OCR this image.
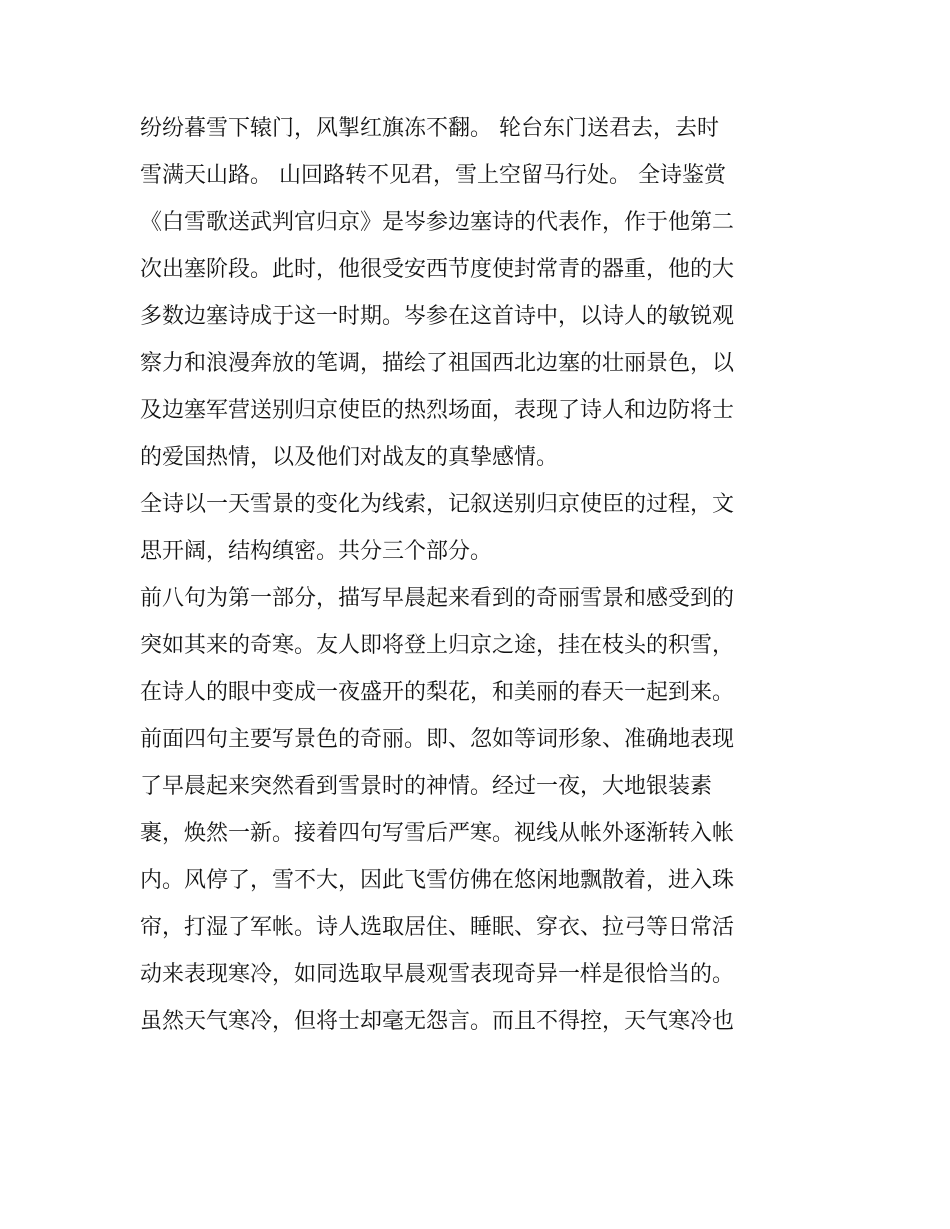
纷纷暮雪下辕门，风掣红旗冻不翻。 轮台东门送君去，去时
雪满天山路。 山回路转不见君，雪上空留马行处。 全诗鉴赏
《白雪歌送武判官归京》是岑参边塞诗的代表作，作于他第二
次出塞阶段。此时，他很受安西节度使封常青的器重，他的大
多数边塞诗成于这一时期。岑参在这首诗中，以诗人的敏锐观
察力和浪漫奔放的笔调，描绘了祖国西北边塞的壮丽景色，以
及边塞军营送别归京使臣的热烈场面，表现了诗人和边防将士
的爱国热情，以及他们对战友的真挚感情。
全诗以一天雪景的变化为线索，记叙送别归京使臣的过程，文
思开阔，结构缜密。共分三个部分。
前八句为第一部分，描写早晨起来看到的奇丽雪景和感受到的
突如其来的奇寒。友人即将登上归京之途，挂在枝头的积雪，
在诗人的眼中变成一夜盛开的梨花，和美丽的春天一起到来。
前面四句主要写景色的奇丽。即、忽如等词形象、准确地表现
了早晨起来突然看到雪景时的神情。经过一夜，大地银装素
裹，焕然一新。接着四句写雪后严寒。视线从帐外逐渐转入帐
内。风停了，雪不大，因此飞雪仿佛在悠闲地飘散着，进入珠
帘，打湿了军帐。诗人选取居住、睡眠、穿衣、拉弓等日常活
动来表现寒冷，如同选取早晨观雪表现奇异一样是很恰当的。
虽然天气寒冷，但将士却毫无怨言。而且不得控，天气寒冷也
